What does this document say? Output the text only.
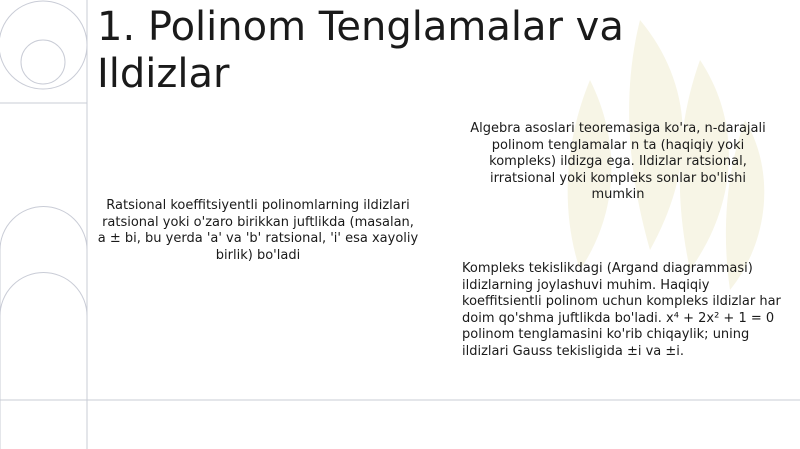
1. Polinom Tenglamalar va Ildizlar

Algebra asoslari teoremasiga ko'ra, n-darajali polinom tenglamalar n ta (haqiqiy yoki kompleks) ildizga ega. Ildizlar ratsional, irratsional yoki kompleks sonlar bo'lishi mumkin

Ratsional koeffitsiyentli polinomlarning ildizlari ratsional yoki o'zaro birikkan juftlikda (masalan, a ± bi, bu yerda 'a' va 'b' ratsional, 'i' esa xayoliy birlik) bo'ladi

Kompleks tekislikdagi (Argand diagrammasi) ildizlarning joylashuvi muhim. Haqiqiy koeffitsientli polinom uchun kompleks ildizlar har doim qo'shma juftlikda bo'ladi. x⁴ + 2x² + 1 = 0 polinom tenglamasini ko'rib chiqaylik; uning ildizlari Gauss tekisligida ±i va ±i.
